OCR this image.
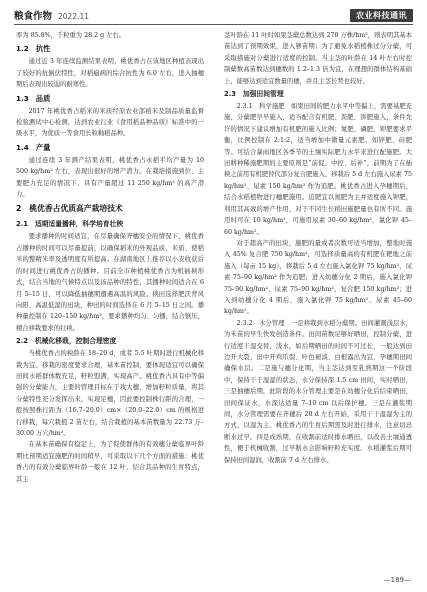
粮食作物 2022.11	农业科技通讯

率为 85.8%，千粒重为 28.2 g 左右。

1.2　抗性

通过近 3 年连续监测结果表明，桃优香占在该地区种植表现出了较好的抗倒伏特性，对稻瘟病的综合抗性为 6.0 左右，进入抽穗期后表现出较弱的耐寒性。

1.3　品质

2017 年桃优香占稻米的米质经原农业部稻米及制品质量监督检验测试中心检测，达到农业行业《食用稻品种品质》标准中的一级水平，为优质一等食用长粒籼稻品种。

1.4　产量

通过连续 3 年测产结果表明，桃优香占水稻平均产量为 10 500 kg/hm² 左右，表现出很好的增产潜力。在栽培措施到位、主要肥力充足的情况下，具有产量超过 11 250 kg/hm² 的高产潜力。

2　桃优香占优质高产栽培技术
2.1　适期适量播种，科学培育壮秧

要求播种的时间适宜，在尽量确保齐穗安全的情况下，桃优香占播种的时间可以尽量提前，以确保稻米的外观品质、米质、使稻米的整精米率及透明度有所提高。在湖南地区上推荐以小麦收获后的时间进行桃优香占的播种。目前全市种植桃优香占为机插秧形式，结合当地的气候特点以及该品种的特性，其播种时间适合在 6 月 5–15 日，可以降低抽穗期遭遇高温的风险。秧田选择肥沃背风向阳、高温低湿的田块，种田的时间选择在 6 月 5–15 日之间。播种量控制在 120–150 kg/hm²，要求播种均匀、匀播，结合镇压，精合移栽要求的壮秧。

2.2　机械化移栽，控制合理密度

当桃优香占的秧龄在 18–20 d，或者 5.5 叶期时进行机械化移栽为宜。移栽的密度要求合理，基本苗控制，要体现适宜可以确保田间水稻群体数充足，籽粒饱满，实现高产。桃优香占具有中等偏强的分蘖能力，主要的管理目标在于攻大穗，增加籽粒质量，将其分蘖特性充分发挥出来，实现足穗，因此要控制株行距的合理，一般按照株行距为（16.7–20.0）cm×（20.0–22.0）cm 的规格进行移栽，每穴栽植 2 苗左右，结合栽植的基本苗数量为 22.73 万–30.00 万穴/hm²。

在基本苗确保有稳定上，为了促使群体的有效穗分蘖临界叶龄期比预期适宜施肥的时间稍早，可采取以下几个方面的措施：桃优香占的有效分蘖临界叶龄一般在 12 叶，结合其品种的生育特点，其主

茎叶龄在 11 叶时如果茎蘖总数达到 270 万株/hm²，则表明其基本苗达到了预期效果，进入够苗期；为了避免水稻植株过分分蘖，可采取措施对分蘖进行适度的控制。当主茎的叶龄在 14 叶左右时控制蘖数高苗数达到穗数的 1.2–1.3 倍为宜，在理想的群体结构基础上，能够达到适宜数量的穗，并且主茎长势也较好。

2.3　加强田间管理

2.3.1　科学施肥　如果田间的肥力水平中等偏上，需要基肥充施，分蘖肥早早施入，适当配合有机肥、粪肥、饼肥施入，条件允许的情况下建议增加有机肥的施入比例；氮肥、磷肥、钾肥要求平衡，比例控制在 2:1:2，适当增加中微量元素肥，如锌肥、硅肥等。可结合暴雨地区各季节的土壤实际肥力水平来进行配施肥。大田耕种稀施肥期的主要原则是“前促、中控、后补”，前期为了在插秧之前用有机肥替代部分复合肥施入，移栽后 5 d 左右施入尿素 75 kg/hm²、尿素 150 kg/hm² 作为追肥。桃优香占进入孕穗期后，结合水稻植物进行穗肥施用。追肥宜以氮肥为主并适度施入钾肥，利用其高效的增产作用，对于不同生长稻田施肥量也有所不同。施用时可在 10 kg/hm²，可施用尿素 30–60 kg/hm²，氯化钾 45–60 kg/hm²。

对于超高产的田块，施肥的量或者次数可适当增加，整地时施入 45% 复合肥 750 kg/hm²，可选择质量高的有机肥在耙地之前施入（每亩 15 kg），移栽后 5 d 左右施入氯化钾 75 kg/hm²、尿素 75–90 kg/hm² 作为追肥；进入幼穗分化 2 期后，施入氯化钾 75–90 kg/hm²、尿素 75–90 kg/hm²，复合肥 150 kg/hm²；进入到幼穗分化 4 期后，施入氯化钾 75 kg/hm²、尿素 45–60 kg/hm²。

2.3.2　水分管理　一是移栽到水稻分蘖期。田间灌溉浅层水，为禾苗的早生快发创造条件。田间苗数足够好晒田，控制分蘖，进行适度干湿交替，浅水，如后期晒田的时间不可过长，一般达到田边开大裂、田中开鸡爪裂、叶色褪淡、白根露出为宜，孕穗期田间确保水层。二是施与穗分化期，当主茎达到至乳熟期这一个阶段中，保持干干湿湿的状态，水分保持深 1.5 cm 田间，实时晒田，三是抽穗后期，此阶段的水分管理主要是在幼穗分化后结束晒田，田间保证水，水深达适量 7–10 cm 以后保护穗。三是在灌浆期间，水分管理需要在齐穗后 20 d 左右开始，采用干干湿湿为主的方式，以湿为主。桃优香占的生育后期需及时进行排水，注意切忌断水过早。四是成熟期，在收割前适时排水晒田，以改善土壤通透性，便于机械收割，过早断水会影响籽粒充实度。水稻灌浆后期可保持田间湿润，收割前 7 d 左右排水。

—189—
